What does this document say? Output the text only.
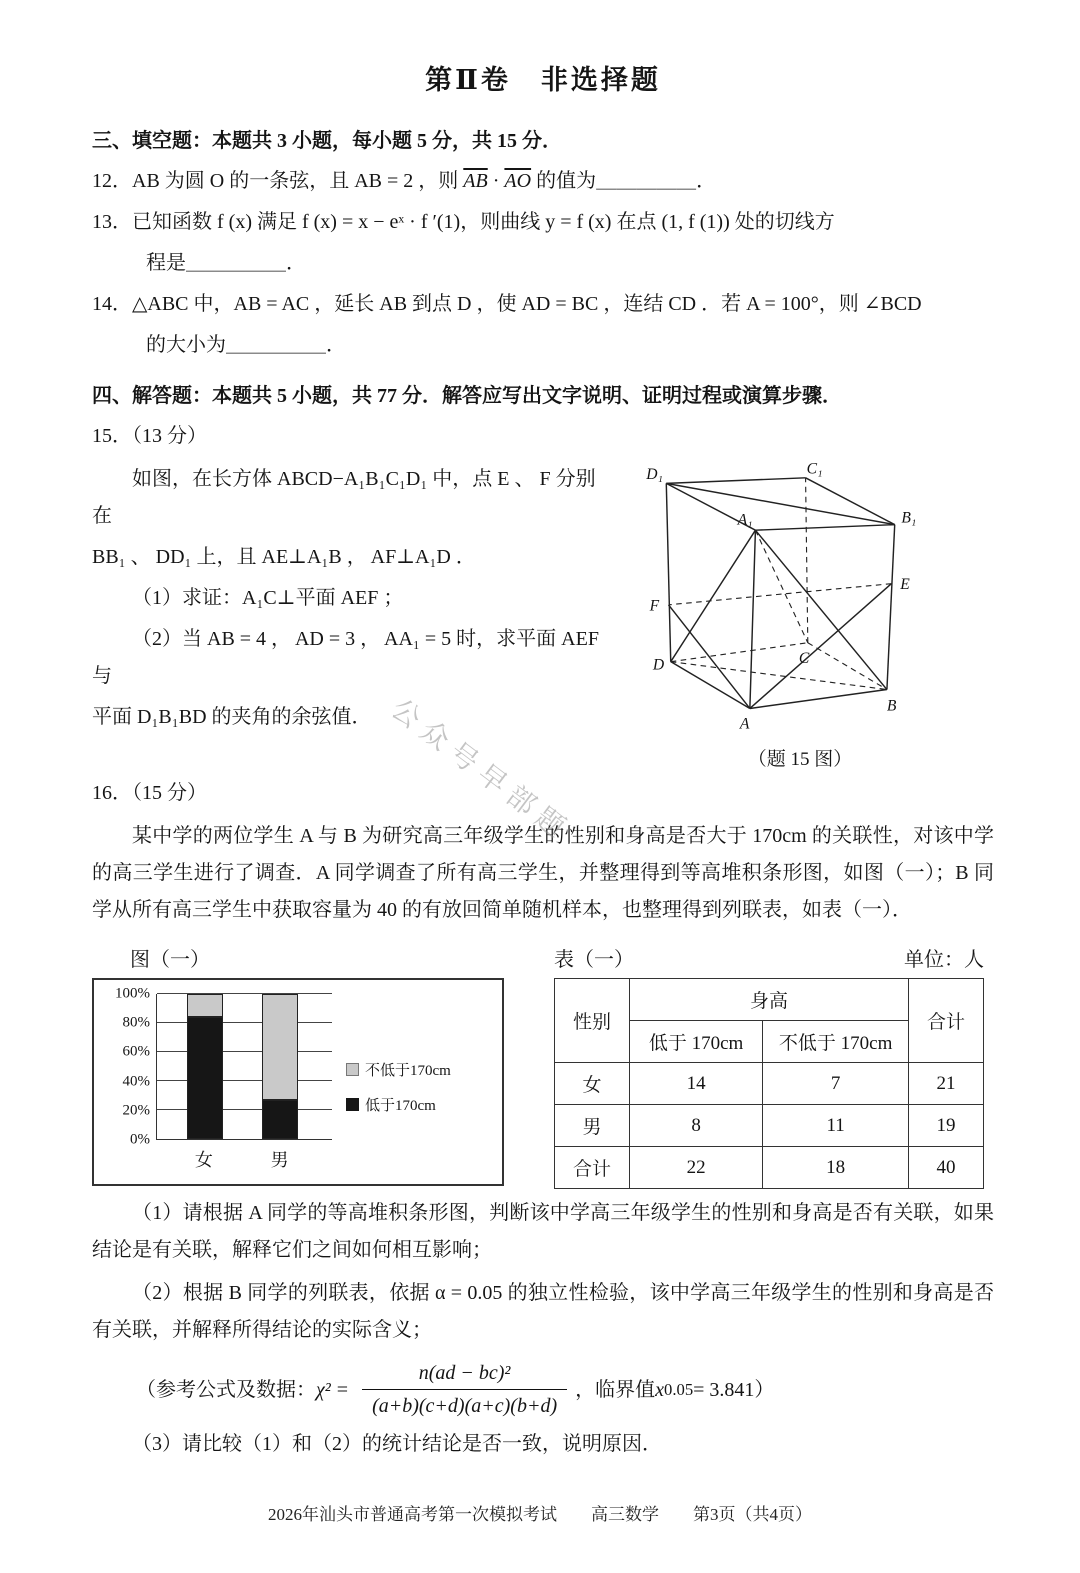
第Ⅱ卷　非选择题
三、填空题：本题共 3 小题，每小题 5 分，共 15 分．
12．AB 为圆 O 的一条弦，且 AB = 2 ，则 $\overline{AB} \cdot \overline{AO}$ 的值为＿＿＿＿＿．
13．已知函数 f (x) 满足 f (x) = x − eˣ · f ′(1)，则曲线 y = f (x) 在点 (1, f (1)) 处的切线方
程是＿＿＿＿＿．
14．△ABC 中，AB = AC ，延长 AB 到点 D ，使 AD = BC ，连结 CD ．若 A = 100°，则 ∠BCD
的大小为＿＿＿＿＿．
四、解答题：本题共 5 小题，共 77 分．解答应写出文字说明、证明过程或演算步骤．
15．（13 分）
如图，在长方体 ABCD−A₁B₁C₁D₁ 中，点 E 、 F 分别在
BB₁ 、 DD₁ 上，且 AE⊥A₁B ， AF⊥A₁D ．
（1）求证：A₁C⊥平面 AEF ；
（2）当 AB = 4 ， AD = 3 ， AA₁ = 5 时，求平面 AEF 与
平面 D₁B₁BD 的夹角的余弦值．
D₁	C₁
A₁	B₁
E
F
D	C
A
B
（题 15 图）
16．（15 分）
某中学的两位学生 A 与 B 为研究高三年级学生的性别和身高是否大于 170cm 的关联性，对该中学的高三学生进行了调查．A 同学调查了所有高三学生，并整理得到等高堆积条形图，如图（一）；B 同学从所有高三学生中获取容量为 40 的有放回简单随机样本，也整理得到列联表，如表（一）．
图（一）
0%
20%
40%
60%
80%
100%
女	男
不低于170cm
低于170cm
表（一）	单位：人
性别	身高		合计
	低于 170cm	不低于 170cm	
女	14	7	21
男	8	11	19
合计	22	18	40
（1）请根据 A 同学的等高堆积条形图，判断该中学高三年级学生的性别和身高是否有关联，如果结论是有关联，解释它们之间如何相互影响；
（2）根据 B 同学的列联表，依据 α = 0.05 的独立性检验，该中学高三年级学生的性别和身高是否有关联，并解释所得结论的实际含义；
（参考公式及数据： $\chi^2 = \frac{\text{n(ad − bc)²}}{(a+b)(c+d)(a+c)(b+d)}$ ，临界值 x 0.05 = 3.841）
（3）请比较（1）和（2）的统计结论是否一致，说明原因．
公众号早部题
2026年汕头市普通高考第一次模拟考试　　高三数学　　第3页（共4页）
